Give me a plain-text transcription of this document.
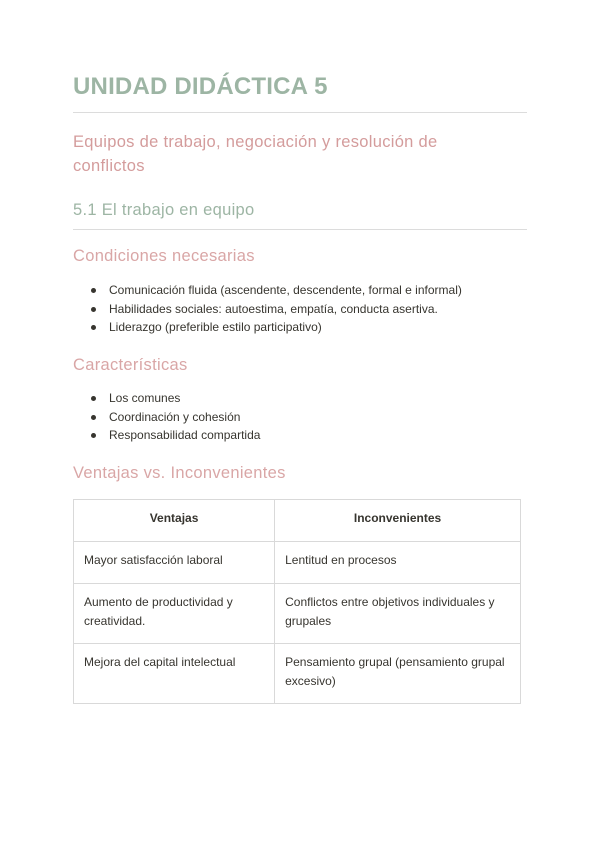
UNIDAD DIDÁCTICA 5
Equipos de trabajo, negociación y resolución de conflictos
5.1 El trabajo en equipo
Condiciones necesarias
Comunicación fluida (ascendente, descendente, formal e informal)
Habilidades sociales: autoestima, empatía, conducta asertiva.
Liderazgo (preferible estilo participativo)
Características
Los comunes
Coordinación y cohesión
Responsabilidad compartida
Ventajas vs. Inconvenientes
Ventajas	Inconvenientes
Mayor satisfacción laboral	Lentitud en procesos
Aumento de productividad y creatividad.	Conflictos entre objetivos individuales y grupales
Mejora del capital intelectual	Pensamiento grupal (pensamiento grupal excesivo)
